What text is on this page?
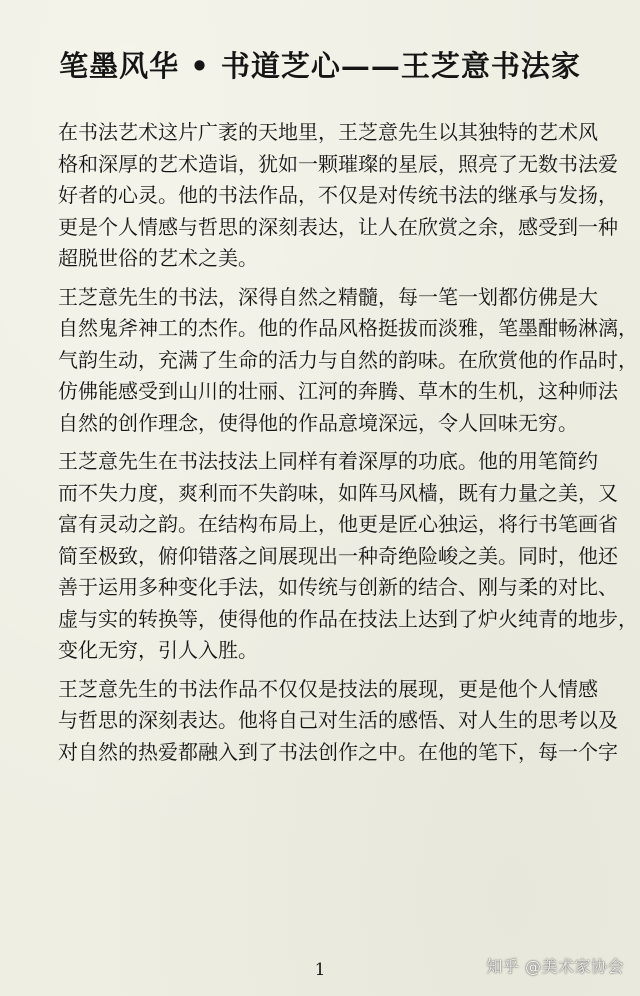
笔墨风华 • 书道芝心——王芝意书法家

在书法艺术这片广袤的天地里，王芝意先生以其独特的艺术风
格和深厚的艺术造诣，犹如一颗璀璨的星辰，照亮了无数书法爱
好者的心灵。他的书法作品，不仅是对传统书法的继承与发扬，
更是个人情感与哲思的深刻表达，让人在欣赏之余，感受到一种
超脱世俗的艺术之美。

王芝意先生的书法，深得自然之精髓，每一笔一划都仿佛是大
自然鬼斧神工的杰作。他的作品风格挺拔而淡雅，笔墨酣畅淋漓，
气韵生动，充满了生命的活力与自然的韵味。在欣赏他的作品时，
仿佛能感受到山川的壮丽、江河的奔腾、草木的生机，这种师法
自然的创作理念，使得他的作品意境深远，令人回味无穷。

王芝意先生在书法技法上同样有着深厚的功底。他的用笔简约
而不失力度，爽利而不失韵味，如阵马风樯，既有力量之美，又
富有灵动之韵。在结构布局上，他更是匠心独运，将行书笔画省
简至极致，俯仰错落之间展现出一种奇绝险峻之美。同时，他还
善于运用多种变化手法，如传统与创新的结合、刚与柔的对比、
虚与实的转换等，使得他的作品在技法上达到了炉火纯青的地步，
变化无穷，引人入胜。

王芝意先生的书法作品不仅仅是技法的展现，更是他个人情感
与哲思的深刻表达。他将自己对生活的感悟、对人生的思考以及
对自然的热爱都融入到了书法创作之中。在他的笔下，每一个字

1	知乎 @美术家协会
